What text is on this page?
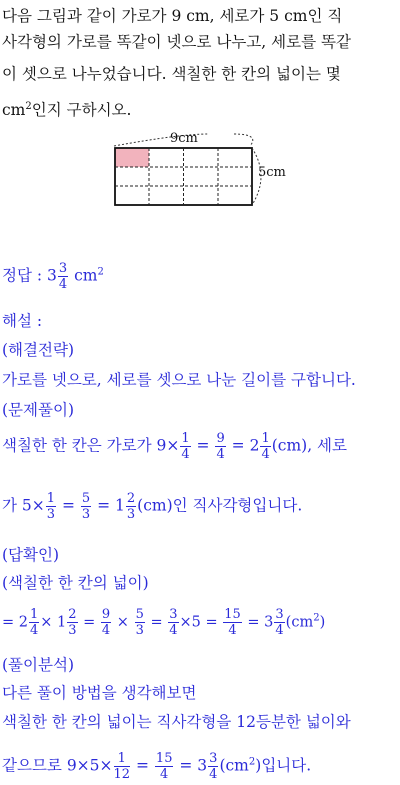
다음 그림과 같이 가로가 9 cm, 세로가 5 cm인 직
사각형의 가로를 똑같이 넷으로 나누고, 세로를 똑같
이 셋으로 나누었습니다. 색칠한 한 칸의 넓이는 몇
$cm^2$인지 구하시오.
9cm
5cm
정답 : $3 \frac{3}{4} cm^2$
해설 :
(해결전략)
가로를 넷으로, 세로를 셋으로 나눈 길이를 구합니다.
(문제풀이)
색칠한 한 칸은 가로가 $9\times \frac{1}{4} = \frac{9}{4} = 2 \frac{1}{4} (cm)$, 세로
가 $5\times \frac{1}{3} = \frac{5}{3} = 1 \frac{2}{3} (cm)$인 직사각형입니다.
(답확인)
(색칠한 한 칸의 넓이)
= $2 \frac{1}{4} \times 1 \frac{2}{3} = \frac{9}{4} \times \frac{5}{3} = \frac{3}{4} \times 5 = \frac{15}{4} = 3 \frac{3}{4} (cm^2)$
(풀이분석)
다른 풀이 방법을 생각해보면
색칠한 한 칸의 넓이는 직사각형을 12등분한 넓이와
같으므로 $9\times 5\times \frac{1}{12} = \frac{15}{4} = 3 \frac{3}{4} (cm^2)$입니다.
